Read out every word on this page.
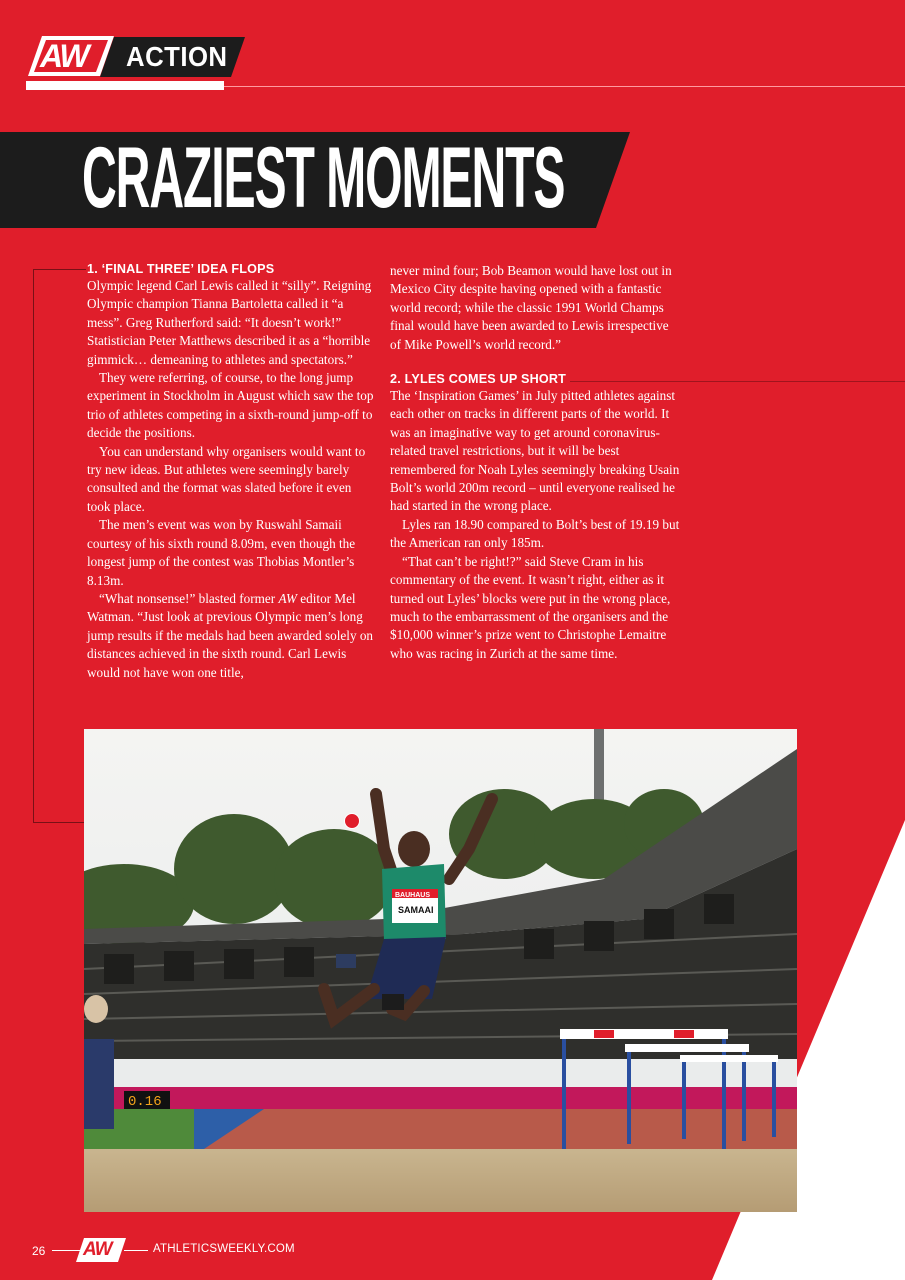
AW ACTION
CRAZIEST MOMENTS
1. ‘FINAL THREE’ IDEA FLOPS

Olympic legend Carl Lewis called it “silly”. Reigning Olympic champion Tianna Bartoletta called it “a mess”. Greg Rutherford said: “It doesn’t work!” Statistician Peter Matthews described it as a “horrible gimmick… demeaning to athletes and spectators.”

They were referring, of course, to the long jump experiment in Stockholm in August which saw the top trio of athletes competing in a sixth-round jump-off to decide the positions.

You can understand why organisers would want to try new ideas. But athletes were seemingly barely consulted and the format was slated before it even took place.

The men’s event was won by Ruswahl Samaii courtesy of his sixth round 8.09m, even though the longest jump of the contest was Thobias Montler’s 8.13m.

“What nonsense!” blasted former AW editor Mel Watman. “Just look at previous Olympic men’s long jump results if the medals had been awarded solely on distances achieved in the sixth round. Carl Lewis would not have won one title,

never mind four; Bob Beamon would have lost out in Mexico City despite having opened with a fantastic world record; while the classic 1991 World Champs final would have been awarded to Lewis irrespective of Mike Powell’s world record.”

2. LYLES COMES UP SHORT

The ‘Inspiration Games’ in July pitted athletes against each other on tracks in different parts of the world. It was an imaginative way to get around coronavirus-related travel restrictions, but it will be best remembered for Noah Lyles seemingly breaking Usain Bolt’s world 200m record – until everyone realised he had started in the wrong place.

Lyles ran 18.90 compared to Bolt’s best of 19.19 but the American ran only 185m.

“That can’t be right!?” said Steve Cram in his commentary of the event. It wasn’t right, either as it turned out Lyles’ blocks were put in the wrong place, much to the embarrassment of the organisers and the $10,000 winner’s prize went to Christophe Lemaitre who was racing in Zurich at the same time.

0.16
BAUHAUS
SAMAAI
26 AW	ATHLETICSWEEKLY.COM
